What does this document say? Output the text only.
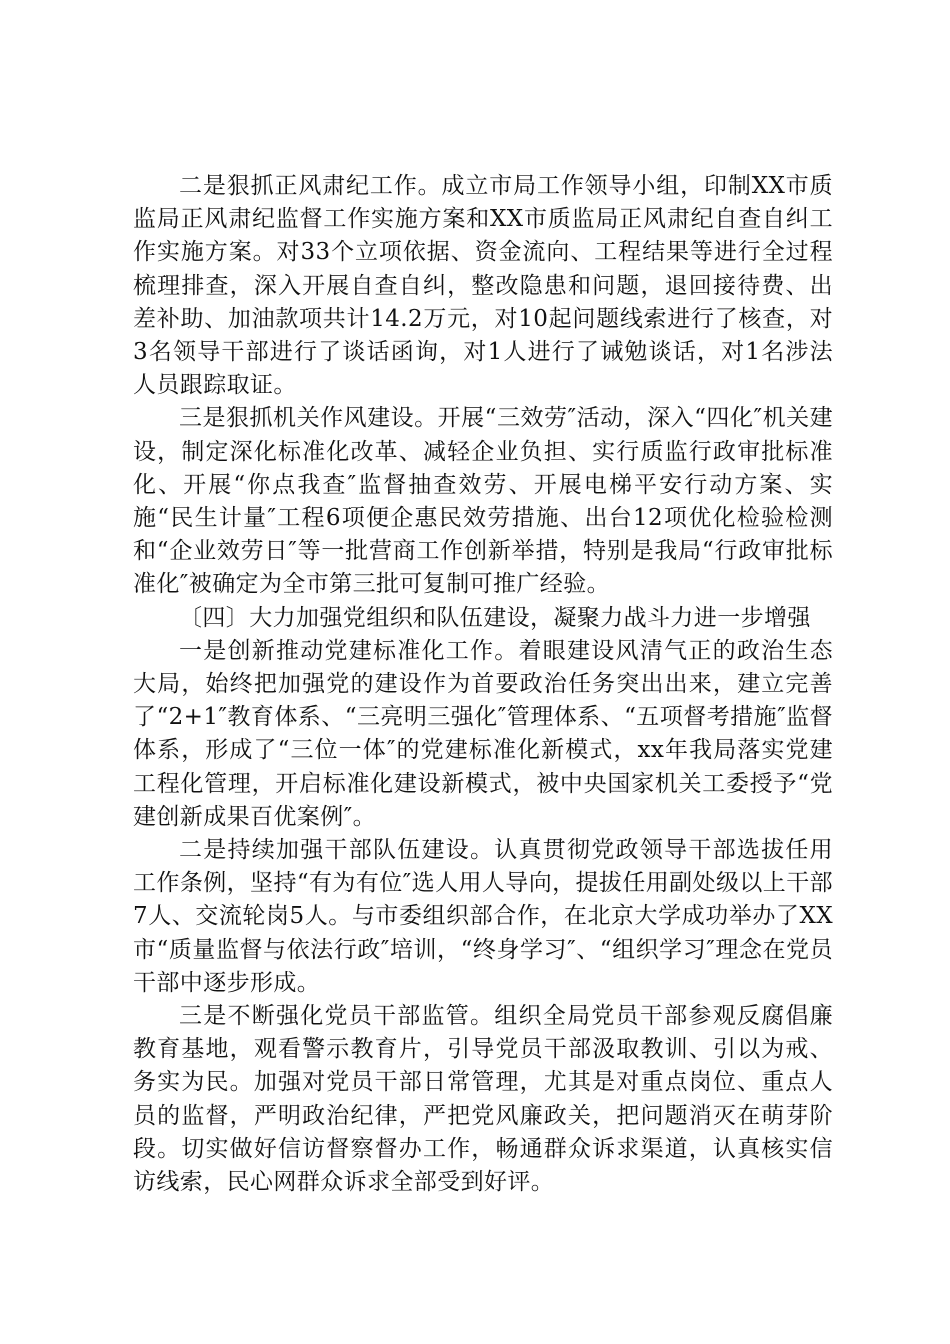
二是狠抓正风肃纪工作。成立市局工作领导小组，印制XX市质监局正风肃纪监督工作实施方案和XX市质监局正风肃纪自查自纠工作实施方案。对33个立项依据、资金流向、工程结果等进行全过程梳理排查，深入开展自查自纠，整改隐患和问题，退回接待费、出差补助、加油款项共计14.2万元，对10起问题线索进行了核查，对3名领导干部进行了谈话函询，对1人进行了诫勉谈话，对1名涉法人员跟踪取证。

三是狠抓机关作风建设。开展“三效劳″活动，深入“四化″机关建设，制定深化标准化改革、减轻企业负担、实行质监行政审批标准化、开展“你点我查″监督抽查效劳、开展电梯平安行动方案、实施“民生计量″工程6项便企惠民效劳措施、出台12项优化检验检测和“企业效劳日″等一批营商工作创新举措，特别是我局“行政审批标准化″被确定为全市第三批可复制可推广经验。

〔四〕大力加强党组织和队伍建设，凝聚力战斗力进一步增强

一是创新推动党建标准化工作。着眼建设风清气正的政治生态大局，始终把加强党的建设作为首要政治任务突出出来，建立完善了“2+1″教育体系、“三亮明三强化″管理体系、“五项督考措施″监督体系，形成了“三位一体″的党建标准化新模式，xx年我局落实党建工程化管理，开启标准化建设新模式，被中央国家机关工委授予“党建创新成果百优案例″。

二是持续加强干部队伍建设。认真贯彻党政领导干部选拔任用工作条例，坚持“有为有位″选人用人导向，提拔任用副处级以上干部7人、交流轮岗5人。与市委组织部合作，在北京大学成功举办了XX市“质量监督与依法行政″培训，“终身学习″、“组织学习″理念在党员干部中逐步形成。

三是不断强化党员干部监管。组织全局党员干部参观反腐倡廉教育基地，观看警示教育片，引导党员干部汲取教训、引以为戒、务实为民。加强对党员干部日常管理，尤其是对重点岗位、重点人员的监督，严明政治纪律，严把党风廉政关，把问题消灭在萌芽阶段。切实做好信访督察督办工作，畅通群众诉求渠道，认真核实信访线索，民心网群众诉求全部受到好评。
